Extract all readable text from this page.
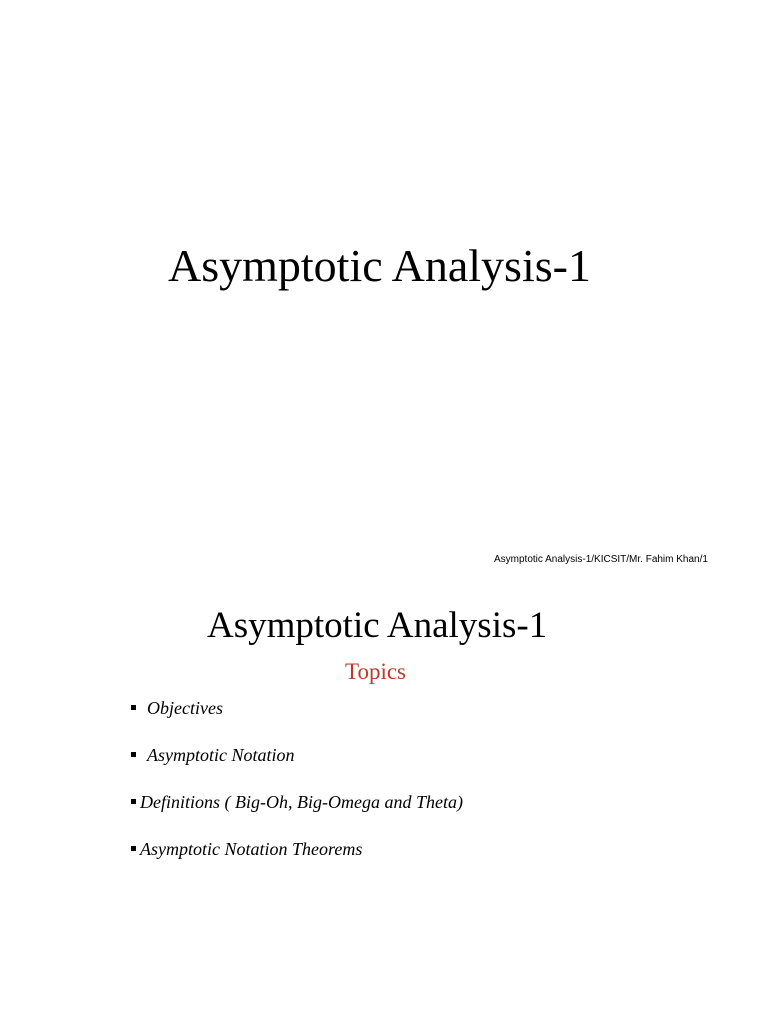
Asymptotic Analysis-1
Asymptotic Analysis-1/KICSIT/Mr. Fahim Khan/1
Asymptotic Analysis-1
Topics
Objectives
Asymptotic Notation
Definitions ( Big-Oh, Big-Omega and Theta)
Asymptotic Notation Theorems
